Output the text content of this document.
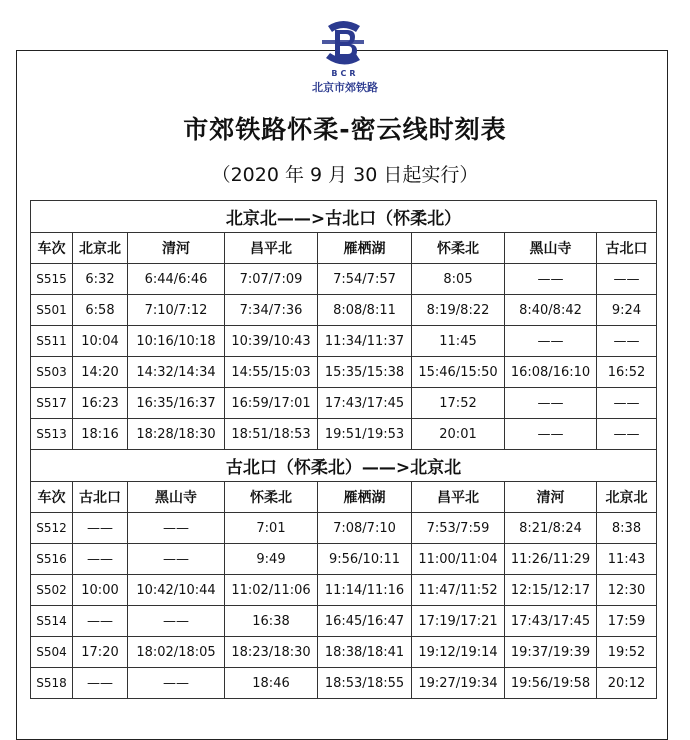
BCR
北京市郊铁路
市郊铁路怀柔-密云线时刻表
（2020 年 9 月 30 日起实行）
北京北——>古北口（怀柔北）							
车次	北京北	清河	昌平北	雁栖湖	怀柔北	黑山寺	古北口
S515	6:32	6:44/6:46	7:07/7:09	7:54/7:57	8:05	——	——
S501	6:58	7:10/7:12	7:34/7:36	8:08/8:11	8:19/8:22	8:40/8:42	9:24
S511	10:04	10:16/10:18	10:39/10:43	11:34/11:37	11:45	——	——
S503	14:20	14:32/14:34	14:55/15:03	15:35/15:38	15:46/15:50	16:08/16:10	16:52
S517	16:23	16:35/16:37	16:59/17:01	17:43/17:45	17:52	——	——
S513	18:16	18:28/18:30	18:51/18:53	19:51/19:53	20:01	——	——
古北口（怀柔北）——>北京北							
车次	古北口	黑山寺	怀柔北	雁栖湖	昌平北	清河	北京北
S512	——	——	7:01	7:08/7:10	7:53/7:59	8:21/8:24	8:38
S516	——	——	9:49	9:56/10:11	11:00/11:04	11:26/11:29	11:43
S502	10:00	10:42/10:44	11:02/11:06	11:14/11:16	11:47/11:52	12:15/12:17	12:30
S514	——	——	16:38	16:45/16:47	17:19/17:21	17:43/17:45	17:59
S504	17:20	18:02/18:05	18:23/18:30	18:38/18:41	19:12/19:14	19:37/19:39	19:52
S518	——	——	18:46	18:53/18:55	19:27/19:34	19:56/19:58	20:12
